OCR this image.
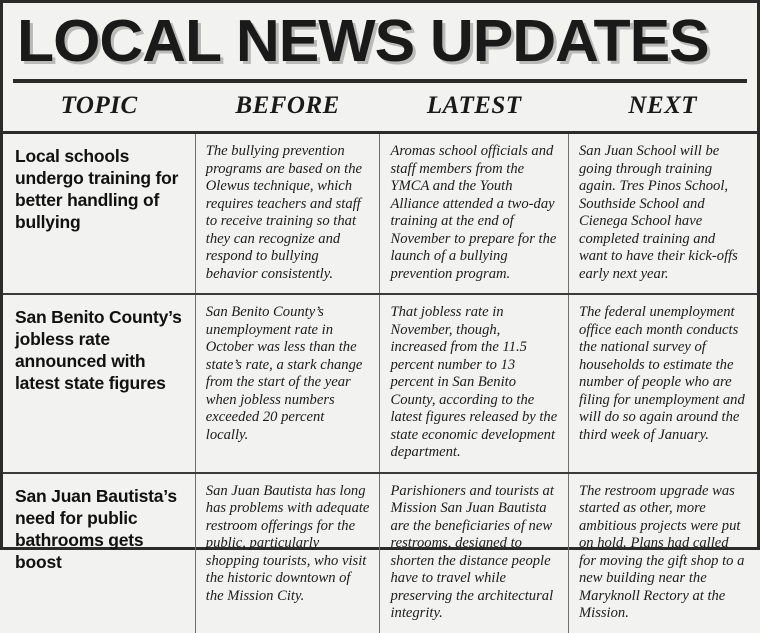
LOCAL NEWS UPDATES
TOPIC	BEFORE	LATEST	NEXT

Local schools undergo training for better handling of bullying	The bullying prevention programs are based on the Olewus technique, which requires teachers and staff to receive training so that they can recognize and respond to bullying behavior consistently.	Aromas school officials and staff members from the YMCA and the Youth Alliance attended a two-day training at the end of November to prepare for the launch of a bullying prevention program.	San Juan School will be going through training again. Tres Pinos School, Southside School and Cienega School have completed training and want to have their kick-offs early next year.

San Benito County’s jobless rate announced with latest state figures	San Benito County’s unemployment rate in October was less than the state’s rate, a stark change from the start of the year when jobless numbers exceeded 20 percent locally.	That jobless rate in November, though, increased from the 11.5 percent number to 13 percent in San Benito County, according to the latest figures released by the state economic development department.	The federal unemployment office each month conducts the national survey of households to estimate the number of people who are filing for unemployment and will do so again around the third week of January.

San Juan Bautista’s need for public bathrooms gets boost	San Juan Bautista has long has problems with adequate restroom offerings for the public, particularly shopping tourists, who visit the historic downtown of the Mission City.	Parishioners and tourists at Mission San Juan Bautista are the beneficiaries of new restrooms, designed to shorten the distance people have to travel while preserving the architectural integrity.	The restroom upgrade was started as other, more ambitious projects were put on hold. Plans had called for moving the gift shop to a new building near the Maryknoll Rectory at the Mission.
